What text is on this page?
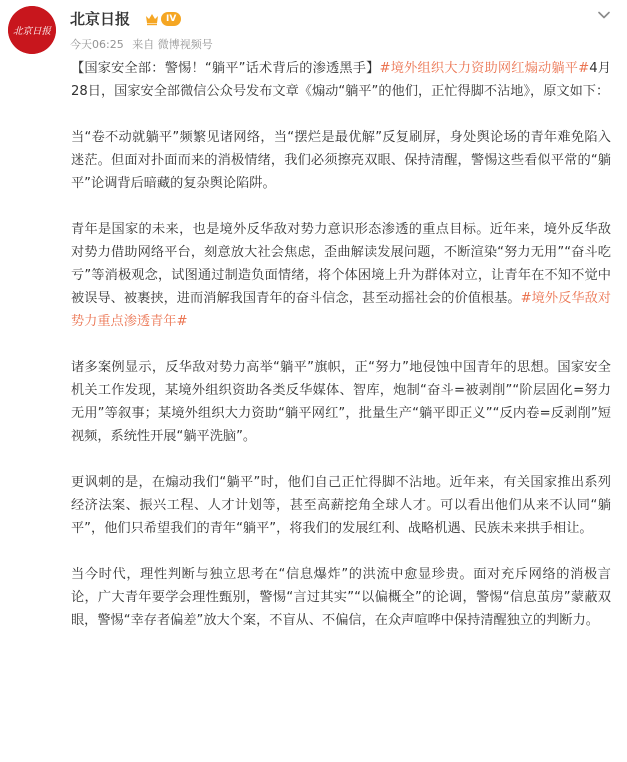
北京日报
北京日报	IV
今天06:25 来自 微博视频号

【国家安全部：警惕！“躺平”话术背后的渗透黑手】#境外组织大力资助网红煽动躺平#4月28日，国家安全部微信公众号发布文章《煽动“躺平”的他们，正忙得脚不沾地》，原文如下：

当“卷不动就躺平”频繁见诸网络，当“摆烂是最优解”反复刷屏，身处舆论场的青年难免陷入迷茫。但面对扑面而来的消极情绪，我们必须擦亮双眼、保持清醒，警惕这些看似平常的“躺平”论调背后暗藏的复杂舆论陷阱。

青年是国家的未来，也是境外反华敌对势力意识形态渗透的重点目标。近年来，境外反华敌对势力借助网络平台，刻意放大社会焦虑，歪曲解读发展问题，不断渲染“努力无用”“奋斗吃亏”等消极观念，试图通过制造负面情绪，将个体困境上升为群体对立，让青年在不知不觉中被误导、被裹挟，进而消解我国青年的奋斗信念，甚至动摇社会的价值根基。#境外反华敌对势力重点渗透青年#

诸多案例显示，反华敌对势力高举“躺平”旗帜，正“努力”地侵蚀中国青年的思想。国家安全机关工作发现，某境外组织资助各类反华媒体、智库，炮制“奋斗=被剥削”“阶层固化=努力无用”等叙事；某境外组织大力资助“躺平网红”，批量生产“躺平即正义”“反内卷=反剥削”短视频，系统性开展“躺平洗脑”。

更讽刺的是，在煽动我们“躺平”时，他们自己正忙得脚不沾地。近年来，有关国家推出系列经济法案、振兴工程、人才计划等，甚至高薪挖角全球人才。可以看出他们从来不认同“躺平”，他们只希望我们的青年“躺平”，将我们的发展红利、战略机遇、民族未来拱手相让。

当今时代，理性判断与独立思考在“信息爆炸”的洪流中愈显珍贵。面对充斥网络的消极言论，广大青年要学会理性甄别，警惕“言过其实”“以偏概全”的论调，警惕“信息茧房”蒙蔽双眼，警惕“幸存者偏差”放大个案，不盲从、不偏信，在众声喧哗中保持清醒独立的判断力。
